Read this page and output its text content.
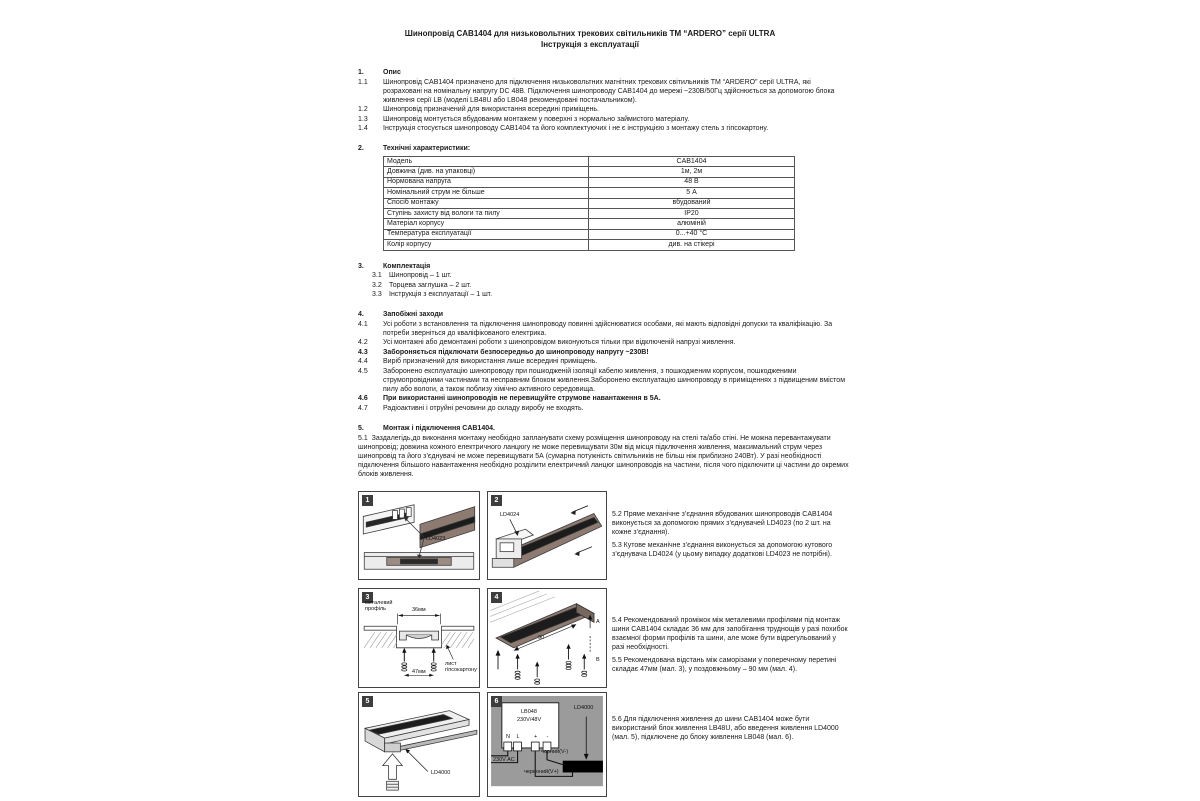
Шинопровід CAB1404 для низьковольтних трекових світильників ТМ “ARDERO” серії ULTRA
Інструкція з експлуатації
1.	Опис
1.1	Шинопровід CAB1404 призначено для підключення низьковольтних магнітних трекових світильників ТМ “ARDERO” серії ULTRA, які розраховані на номінальну напругу DC 48В. Підключення шинопроводу CAB1404 до мережі ~230В/50Гц здійснюється за допомогою блока живлення серії LB (моделі LB48U або LB048 рекомендовані постачальником).
1.2	Шинопровід призначений для використання всередині приміщень.
1.3	Шинопровід монтується вбудованим монтажем у поверхні з нормально займистого матеріалу.
1.4	Інструкція стосується шинопроводу CAB1404 та його комплектуючих і не є інструкцією з монтажу стель з гіпсокартону.
2.	Технічні характеристики:
Модель	CAB1404
Довжина (див. на упаковці)	1м, 2м
Нормована напруга	48 В
Номінальний струм не більше	5 А
Спосіб монтажу	вбудований
Ступінь захисту від вологи та пилу	IP20
Матеріал корпусу	алюміній
Температура експлуатації	0...+40 °С
Колір корпусу	див. на стікері
3.	Комплектація
3.1	Шинопровід – 1 шт.
3.2	Торцева заглушка – 2 шт.
3.3	Інструкція з експлуатації – 1 шт.
4.	Запобіжні заходи
4.1	Усі роботи з встановлення та підключення шинопроводу повинні здійснюватися особами, які мають відповідні допуски та кваліфікацію. За потреби зверніться до кваліфікованого електрика.
4.2	Усі монтажні або демонтажні роботи з шинопровідом виконуються тільки при відключеній напрузі живлення.
4.3	Забороняється підключати безпосередньо до шинопроводу напругу ~230В!
4.4	Виріб призначений для використання лише всередині приміщень.
4.5	Заборонено експлуатацію шинопроводу при пошкодженій ізоляції кабелю живлення, з пошкодженим корпусом, пошкодженими струмопровідними частинами та несправним блоком живлення.Заборонено експлуатацію шинопроводу в приміщеннях з підвищеним вмістом пилу або вологи, а також поблизу хімічно активного середовища.
4.6	При використанні шинопроводів не перевищуйте струмове навантаження в 5А.
4.7	Радіоактивні і отруйні речовини до складу виробу не входять.
5.	Монтаж і підключення CAB1404.
5.1 Заздалегідь,до виконання монтажу необхідно запланувати схему розміщення шинопроводу на стелі та/або стіні. Не можна перевантажувати шинопровід; довжина кожного електричного ланцюгу не може перевищувати 30м від місця підключення живлення, максимальний струм через шинопровід та його з’єднувачі не може перевищувати 5А (сумарна потужність світильників не більш ніж приблизно 240Вт). У разі необхідності підключення більшого навантаження необхідно розділити електричний ланцюг шинопроводів на частини, після чого підключити ці частини до окремих блоків живлення.
1
LD4023
2
LD4024
3
металевий профіль	36мм
47мм
лист гіпсокартону
4
90
A
B
5
LD4000
6
LB048
230V/48V
N L	+ -
230V AC
чорний(V-)
червоний(V+)
LD4000
5.2 Пряме механічне з’єднання вбудованих шинопроводів CAB1404 виконується за допомогою прямих з’єднувачей LD4023 (по 2 шт. на кожне з’єднання).
5.3 Кутове механічне з’єднання виконується за допомогою кутового з’єднувача LD4024 (у цьому випадку додаткові LD4023 не потрібні).
5.4 Рекомендований проміжок між металевими профілями під монтаж шини CAB1404 складає 36 мм для запобігання труднощів у разі похибок взаємної форми профілів та шини, але може бути відрегульований у разі необхідності.
5.5 Рекомендована відстань між саморізами у поперечному перетині складає 47мм (мал. 3), у поздовжньому – 90 мм (мал. 4).
5.6 Для підключення живлення до шини CAB1404 може бути використаний блок живлення LB48U, або введення живлення LD4000 (мал. 5), підключене до блоку живлення LB048 (мал. 6).
